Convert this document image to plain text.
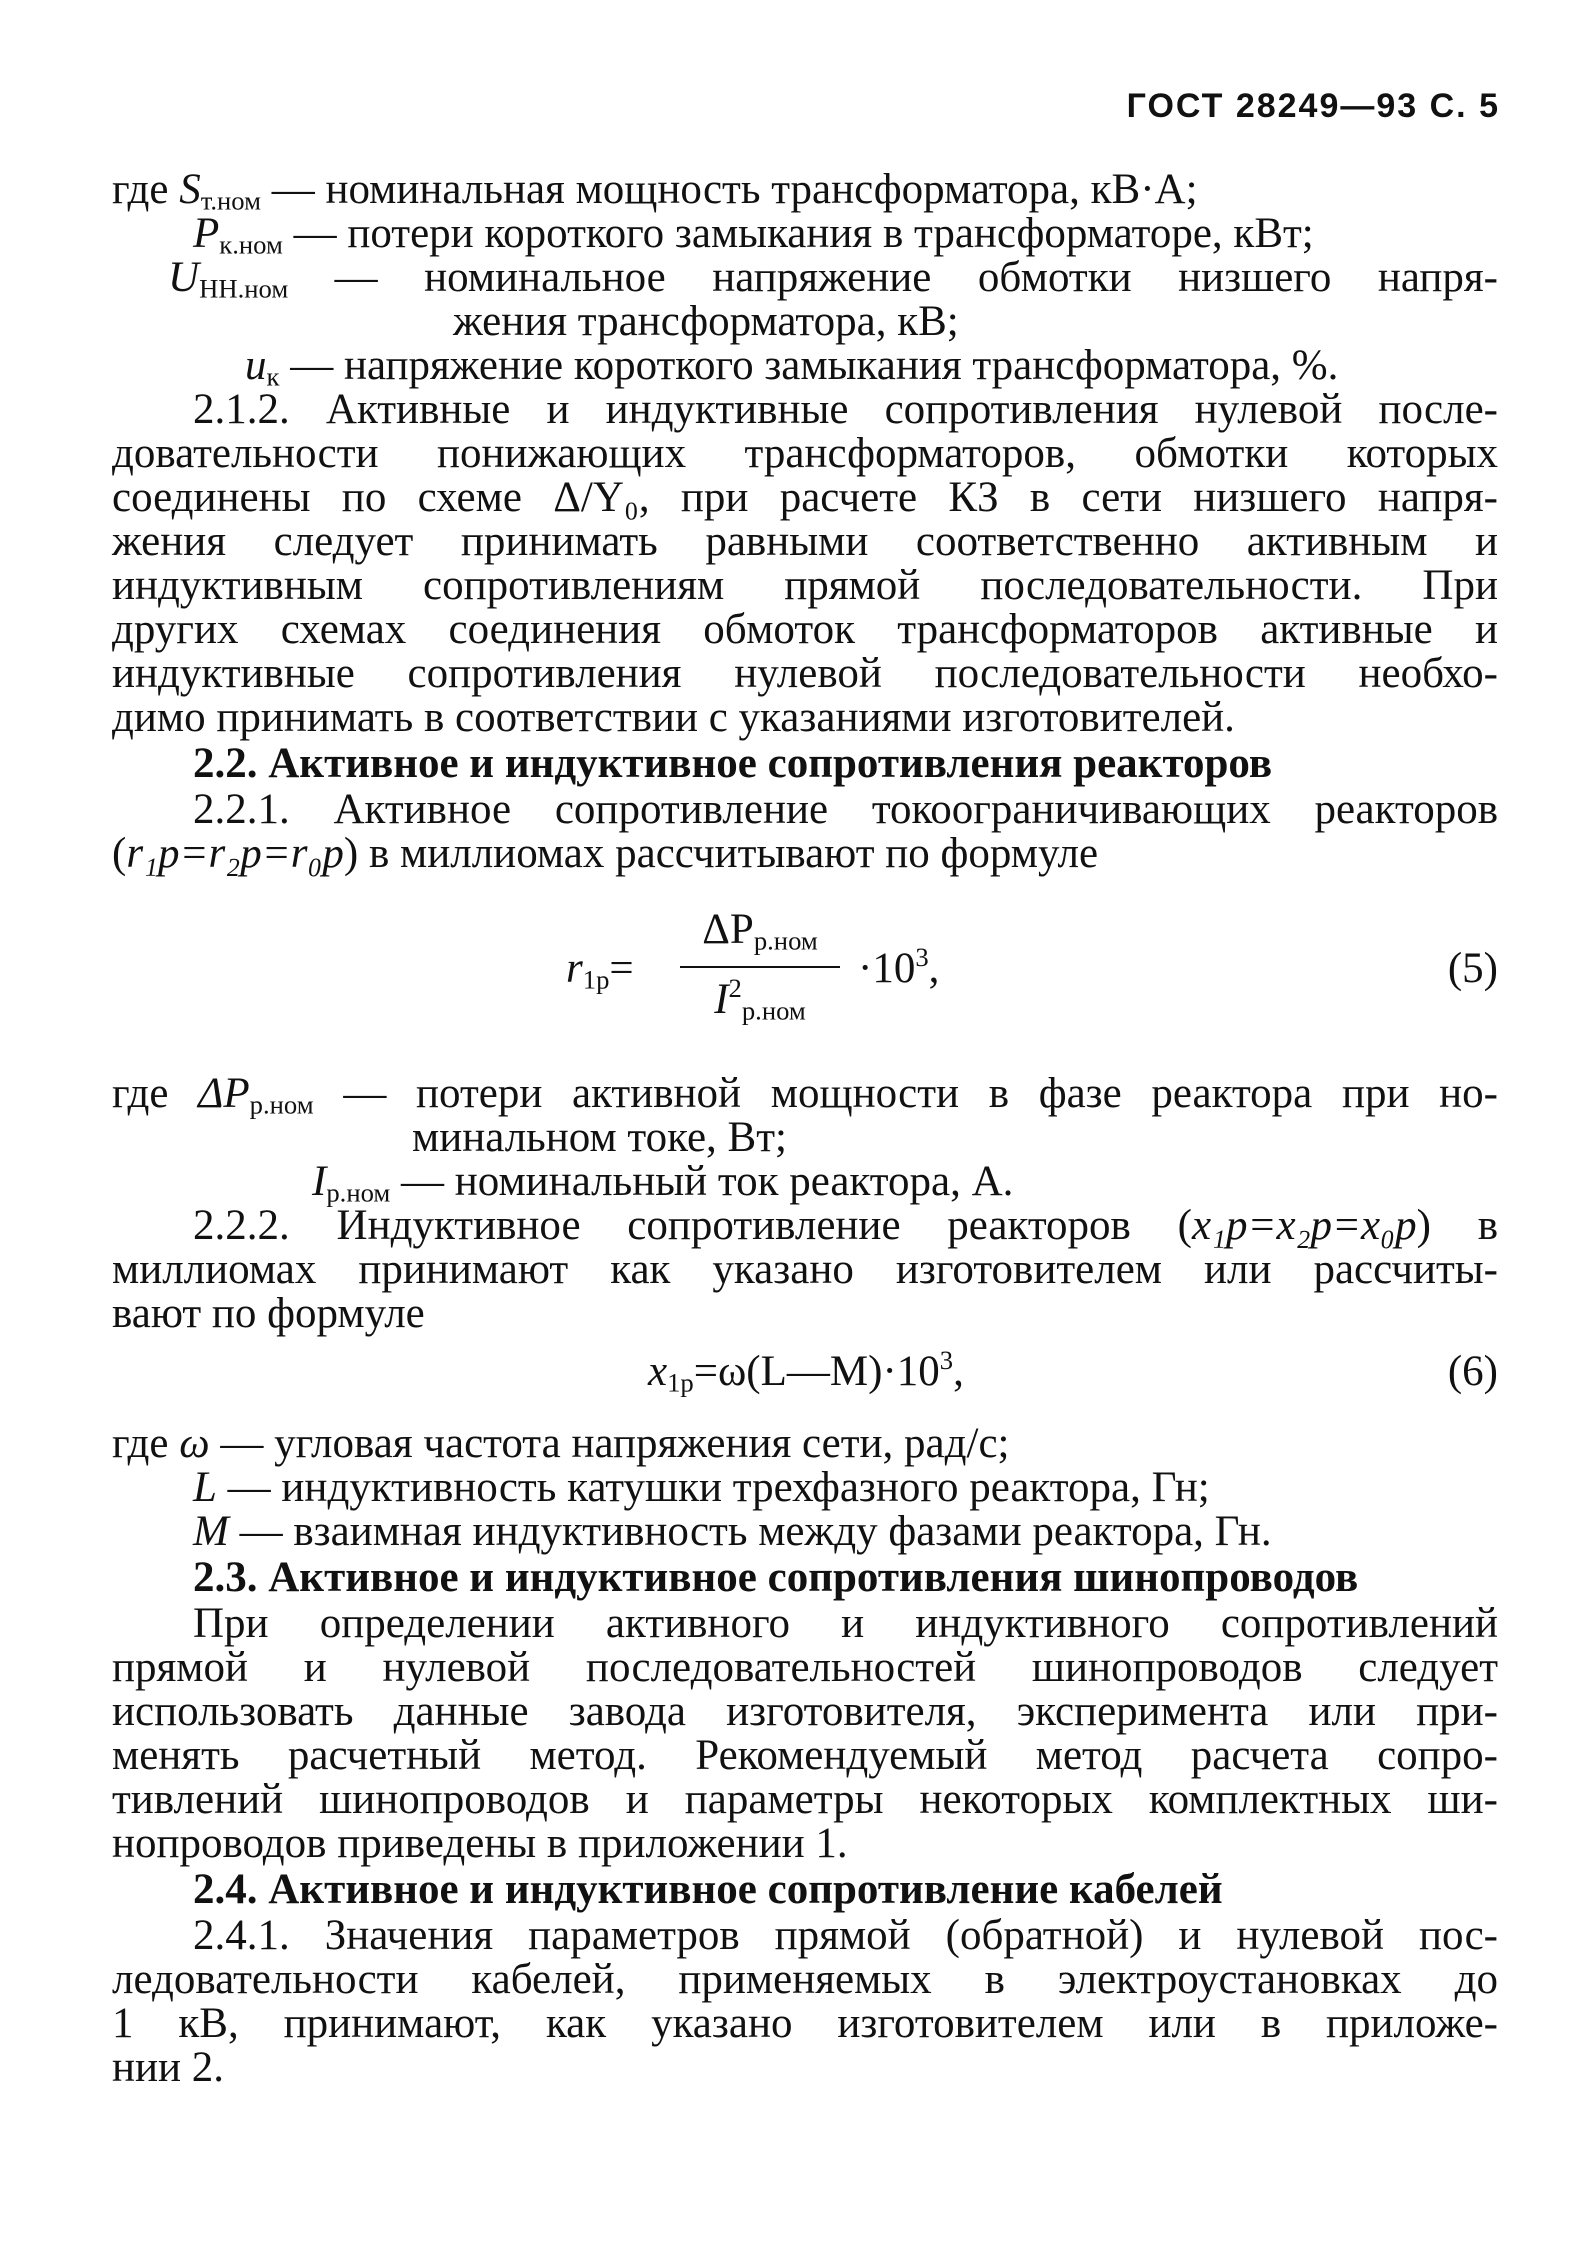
ГОСТ 28249—93 С. 5
где $S_{т.ном}$ — номинальная мощность трансформатора, кВ·А;
$P_{к.ном}$ — потери короткого замыкания в трансформаторе, кВт;
$U_{НН.ном}$ — номинальное напряжение обмотки низшего напря-
жения трансформатора, кВ;
$u_к$ — напряжение короткого замыкания трансформатора, %.
2.1.2. Активные и индуктивные сопротивления нулевой после-
довательности понижающих трансформаторов, обмотки которых
соединены по схеме Δ/Y₀, при расчете КЗ в сети низшего напря-
жения следует принимать равными соответственно активным и
индуктивным сопротивлениям прямой последовательности. При
других схемах соединения обмоток трансформаторов активные и
индуктивные сопротивления нулевой последовательности необхо-
димо принимать в соответствии с указаниями изготовителей.
2.2. Активное и индуктивное сопротивления реакторов
2.2.1. Активное сопротивление токоограничивающих реакторов
(r₁p=r₂p=r₀p) в миллиомах рассчитывают по формуле
$r_{1р}=$
$\Delta P_{р.ном}$
$I^2_{р.ном}$
$\cdot 10^3$,	(5)
где $\Delta P_{р.ном}$ — потери активной мощности в фазе реактора при но-
минальном токе, Вт;
$I_{р.ном}$ — номинальный ток реактора, А.
2.2.2. Индуктивное сопротивление реакторов (x₁p=x₂p=x₀p) в
миллиомах принимают как указано изготовителем или рассчиты-
вают по формуле
$x_{1р}=\omega(L—M)\cdot 10^3$,	(6)
где ω — угловая частота напряжения сети, рад/с;
L — индуктивность катушки трехфазного реактора, Гн;
M — взаимная индуктивность между фазами реактора, Гн.
2.3. Активное и индуктивное сопротивления шинопроводов
При определении активного и индуктивного сопротивлений
прямой и нулевой последовательностей шинопроводов следует
использовать данные завода изготовителя, эксперимента или при-
менять расчетный метод. Рекомендуемый метод расчета сопро-
тивлений шинопроводов и параметры некоторых комплектных ши-
нопроводов приведены в приложении 1.
2.4. Активное и индуктивное сопротивление кабелей
2.4.1. Значения параметров прямой (обратной) и нулевой пос-
ледовательности кабелей, применяемых в электроустановках до
1 кВ, принимают, как указано изготовителем или в приложе-
нии 2.
